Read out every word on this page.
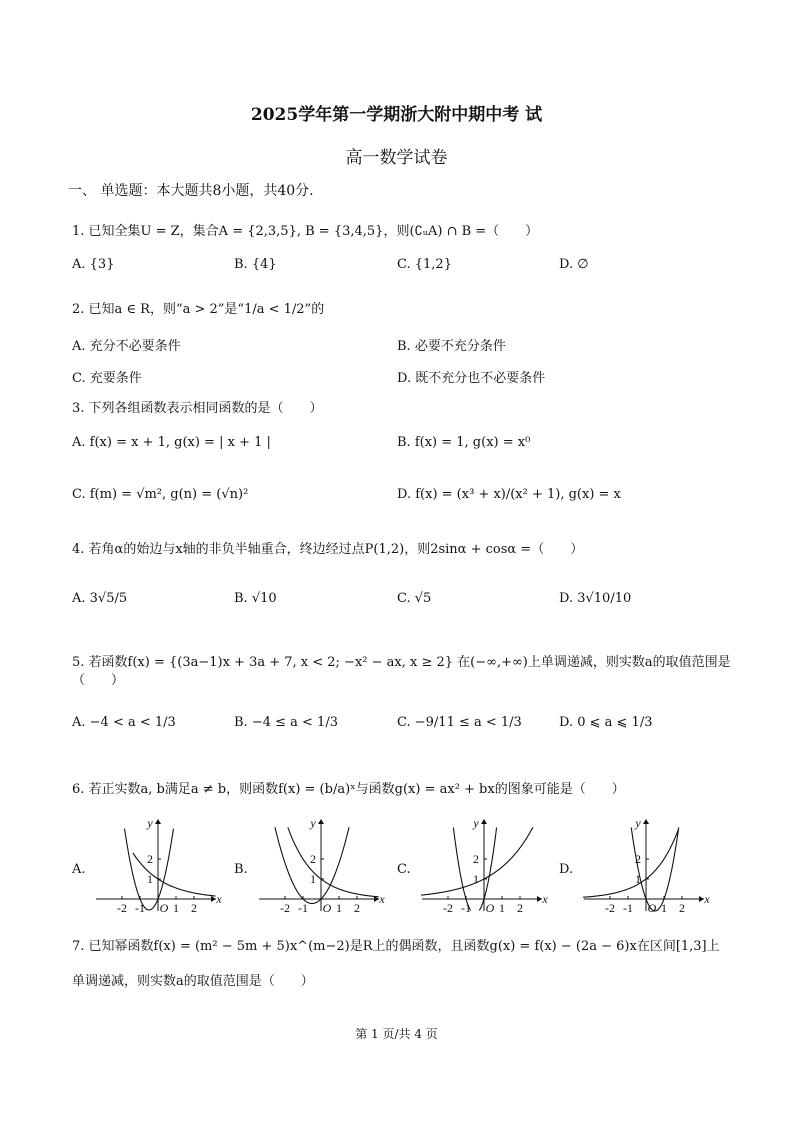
2025学年第一学期浙大附中期中考 试
高一数学试卷
一、 单选题：本大题共8小题，共40分.
1. 已知全集U = Z，集合A = {2,3,5}, B = {3,4,5}，则(∁ᵤA) ∩ B =（　　）
A. {3}	B. {4}	C. {1,2}	D. ∅
2. 已知a ∈ R，则“a > 2”是“1/a < 1/2”的
A. 充分不必要条件	B. 必要不充分条件
C. 充要条件	D. 既不充分也不必要条件
3. 下列各组函数表示相同函数的是（　　）
A. f(x) = x + 1, g(x) = | x + 1 |	B. f(x) = 1, g(x) = x⁰
C. f(m) = √m², g(n) = (√n)²	D. f(x) = (x³ + x)/(x² + 1), g(x) = x
4. 若角α的始边与x轴的非负半轴重合，终边经过点P(1,2)，则2sinα + cosα =（　　）
A. 3√5/5	B. √10	C. √5	D. 3√10/10
5. 若函数f(x) = {(3a−1)x + 3a + 7, x < 2; −x² − ax, x ≥ 2} 在(−∞,+∞)上单调递减，则实数a的取值范围是（　　）
A. −4 < a < 1/3	B. −4 ≤ a < 1/3	C. −9/11 ≤ a < 1/3	D. 0 ⩽ a ⩽ 1/3
6. 若正实数a, b满足a ≠ b，则函数f(x) = (b/a)ˣ与函数g(x) = ax² + bx的图象可能是（　　）
A.	B.	C.	D.
x
y
O
-2 -1 1 2
1
2
x
y
O
-2 -1 1 2
1
2
x
y
O
-2 -1 1 2
1
2
x
y
O
-2 -1 1 2
1
2
7. 已知幂函数f(x) = (m² − 5m + 5)x^(m−2)是R上的偶函数，且函数g(x) = f(x) − (2a − 6)x在区间[1,3]上
单调递减，则实数a的取值范围是（　　）
第 1 页/共 4 页
